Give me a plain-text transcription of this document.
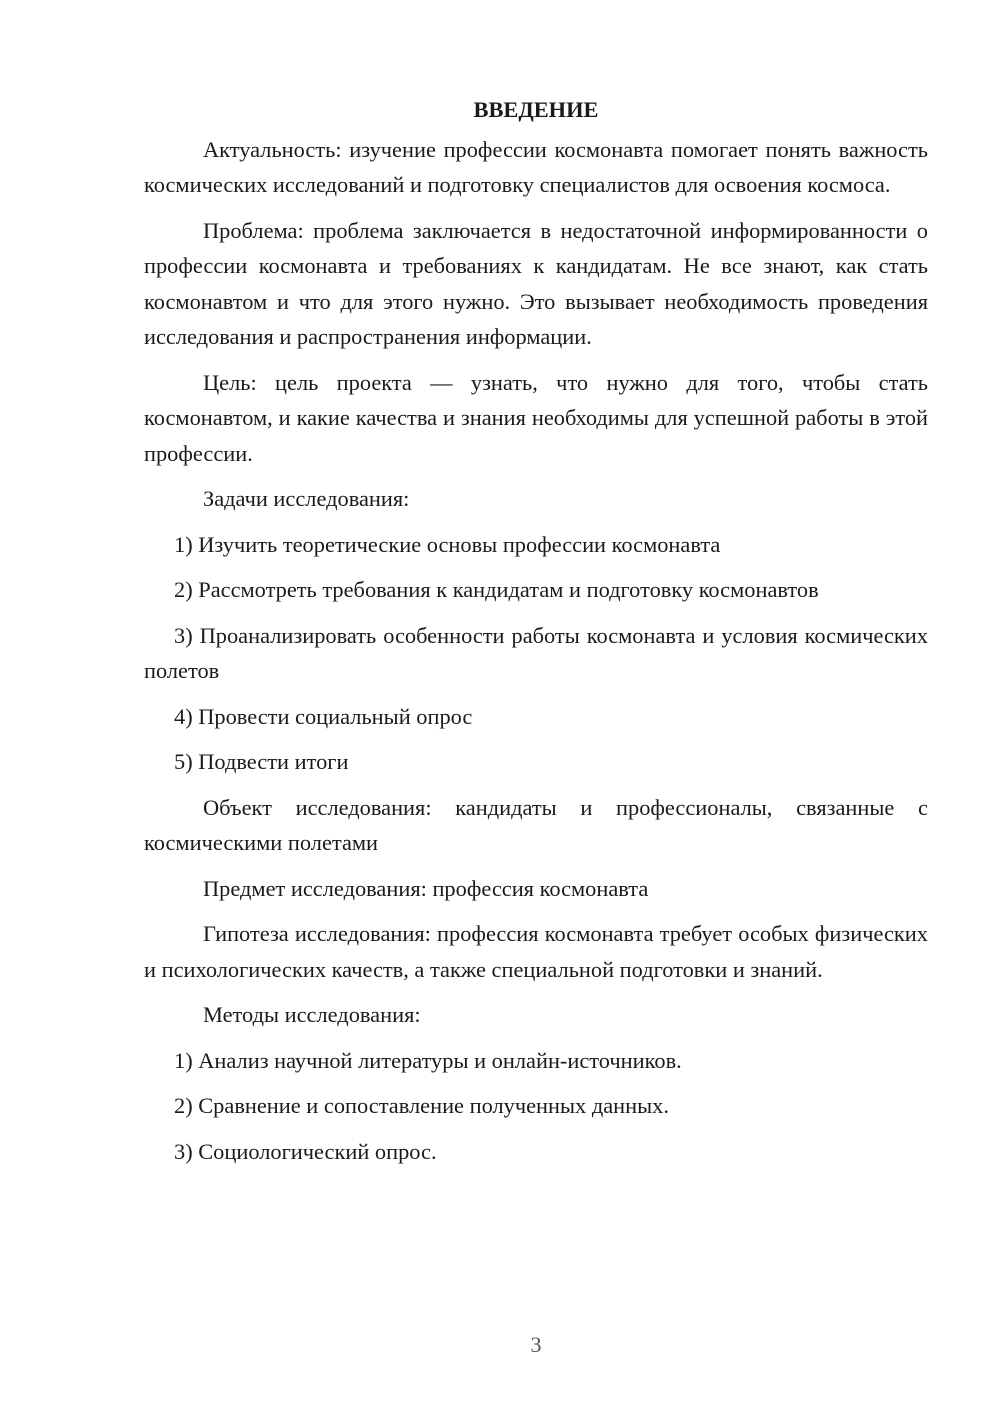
ВВЕДЕНИЕ

Актуальность: изучение профессии космонавта помогает понять важность космических исследований и подготовку специалистов для освоения космоса.

Проблема: проблема заключается в недостаточной информированности о профессии космонавта и требованиях к кандидатам. Не все знают, как стать космонавтом и что для этого нужно. Это вызывает необходимость проведения исследования и распространения информации.

Цель: цель проекта — узнать, что нужно для того, чтобы стать космонавтом, и какие качества и знания необходимы для успешной работы в этой профессии.

Задачи исследования:

1) Изучить теоретические основы профессии космонавта

2) Рассмотреть требования к кандидатам и подготовку космонавтов

3) Проанализировать особенности работы космонавта и условия космических полетов

4) Провести социальный опрос

5) Подвести итоги

Объект исследования: кандидаты и профессионалы, связанные с космическими полетами

Предмет исследования: профессия космонавта

Гипотеза исследования: профессия космонавта требует особых физических и психологических качеств, а также специальной подготовки и знаний.

Методы исследования:

1) Анализ научной литературы и онлайн-источников.

2) Сравнение и сопоставление полученных данных.

3) Социологический опрос.

3
